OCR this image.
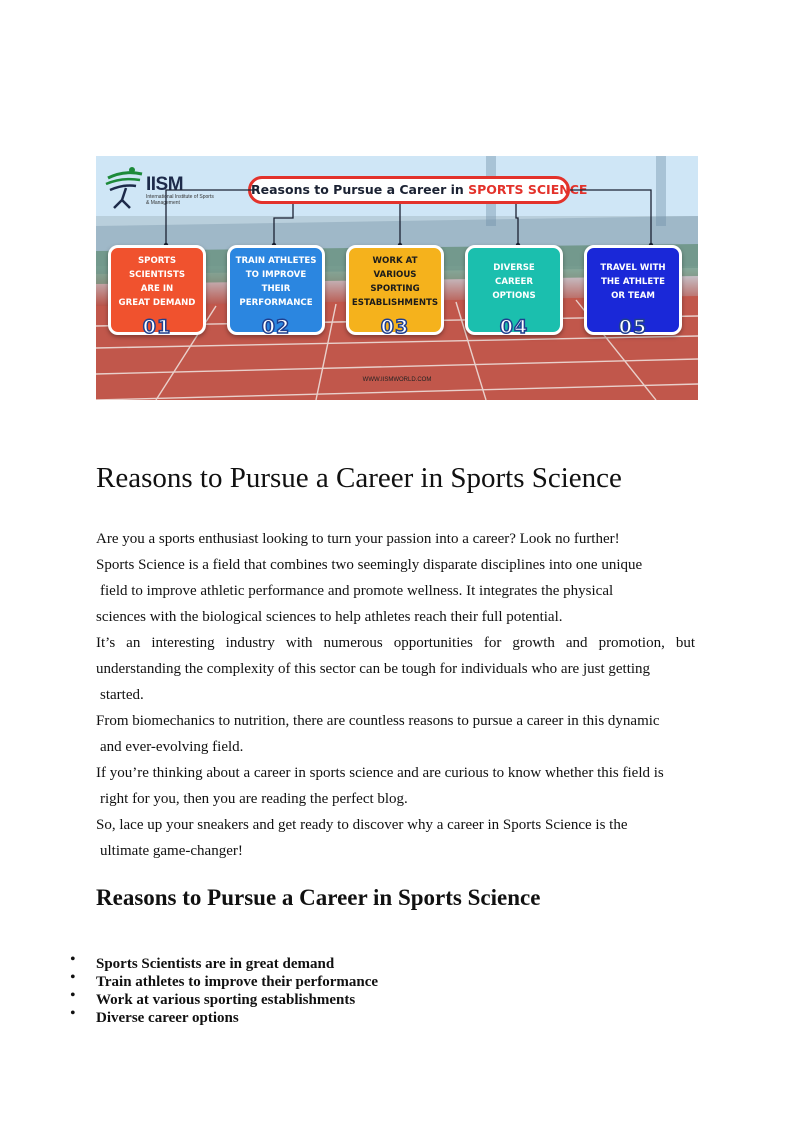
IISM
International Institute of Sports & Management
Reasons to Pursue a Career in SPORTS SCIENCE
SPORTS
SCIENTISTS
ARE IN
GREAT DEMAND
01
TRAIN ATHLETES
TO IMPROVE
THEIR
PERFORMANCE
02
WORK AT
VARIOUS
SPORTING
ESTABLISHMENTS
03
DIVERSE
CAREER OPTIONS
04
TRAVEL WITH
THE ATHLETE
OR TEAM
05
WWW.IISMWORLD.COM
Reasons to Pursue a Career in Sports Science

Are you a sports enthusiast looking to turn your passion into a career? Look no further!

Sports Science is a field that combines two seemingly disparate disciplines into one unique

field to improve athletic performance and promote wellness. It integrates the physical

sciences with the biological sciences to help athletes reach their full potential.

It’s an interesting industry with numerous opportunities for growth and promotion, but understanding the complexity of this sector can be tough for individuals who are just getting

started.

From biomechanics to nutrition, there are countless reasons to pursue a career in this dynamic

and ever-evolving field.

If you’re thinking about a career in sports science and are curious to know whether this field is

right for you, then you are reading the perfect blog.

So, lace up your sneakers and get ready to discover why a career in Sports Science is the

ultimate game-changer!

Reasons to Pursue a Career in Sports Science
• Sports Scientists are in great demand
• Train athletes to improve their performance
• Work at various sporting establishments
• Diverse career options
